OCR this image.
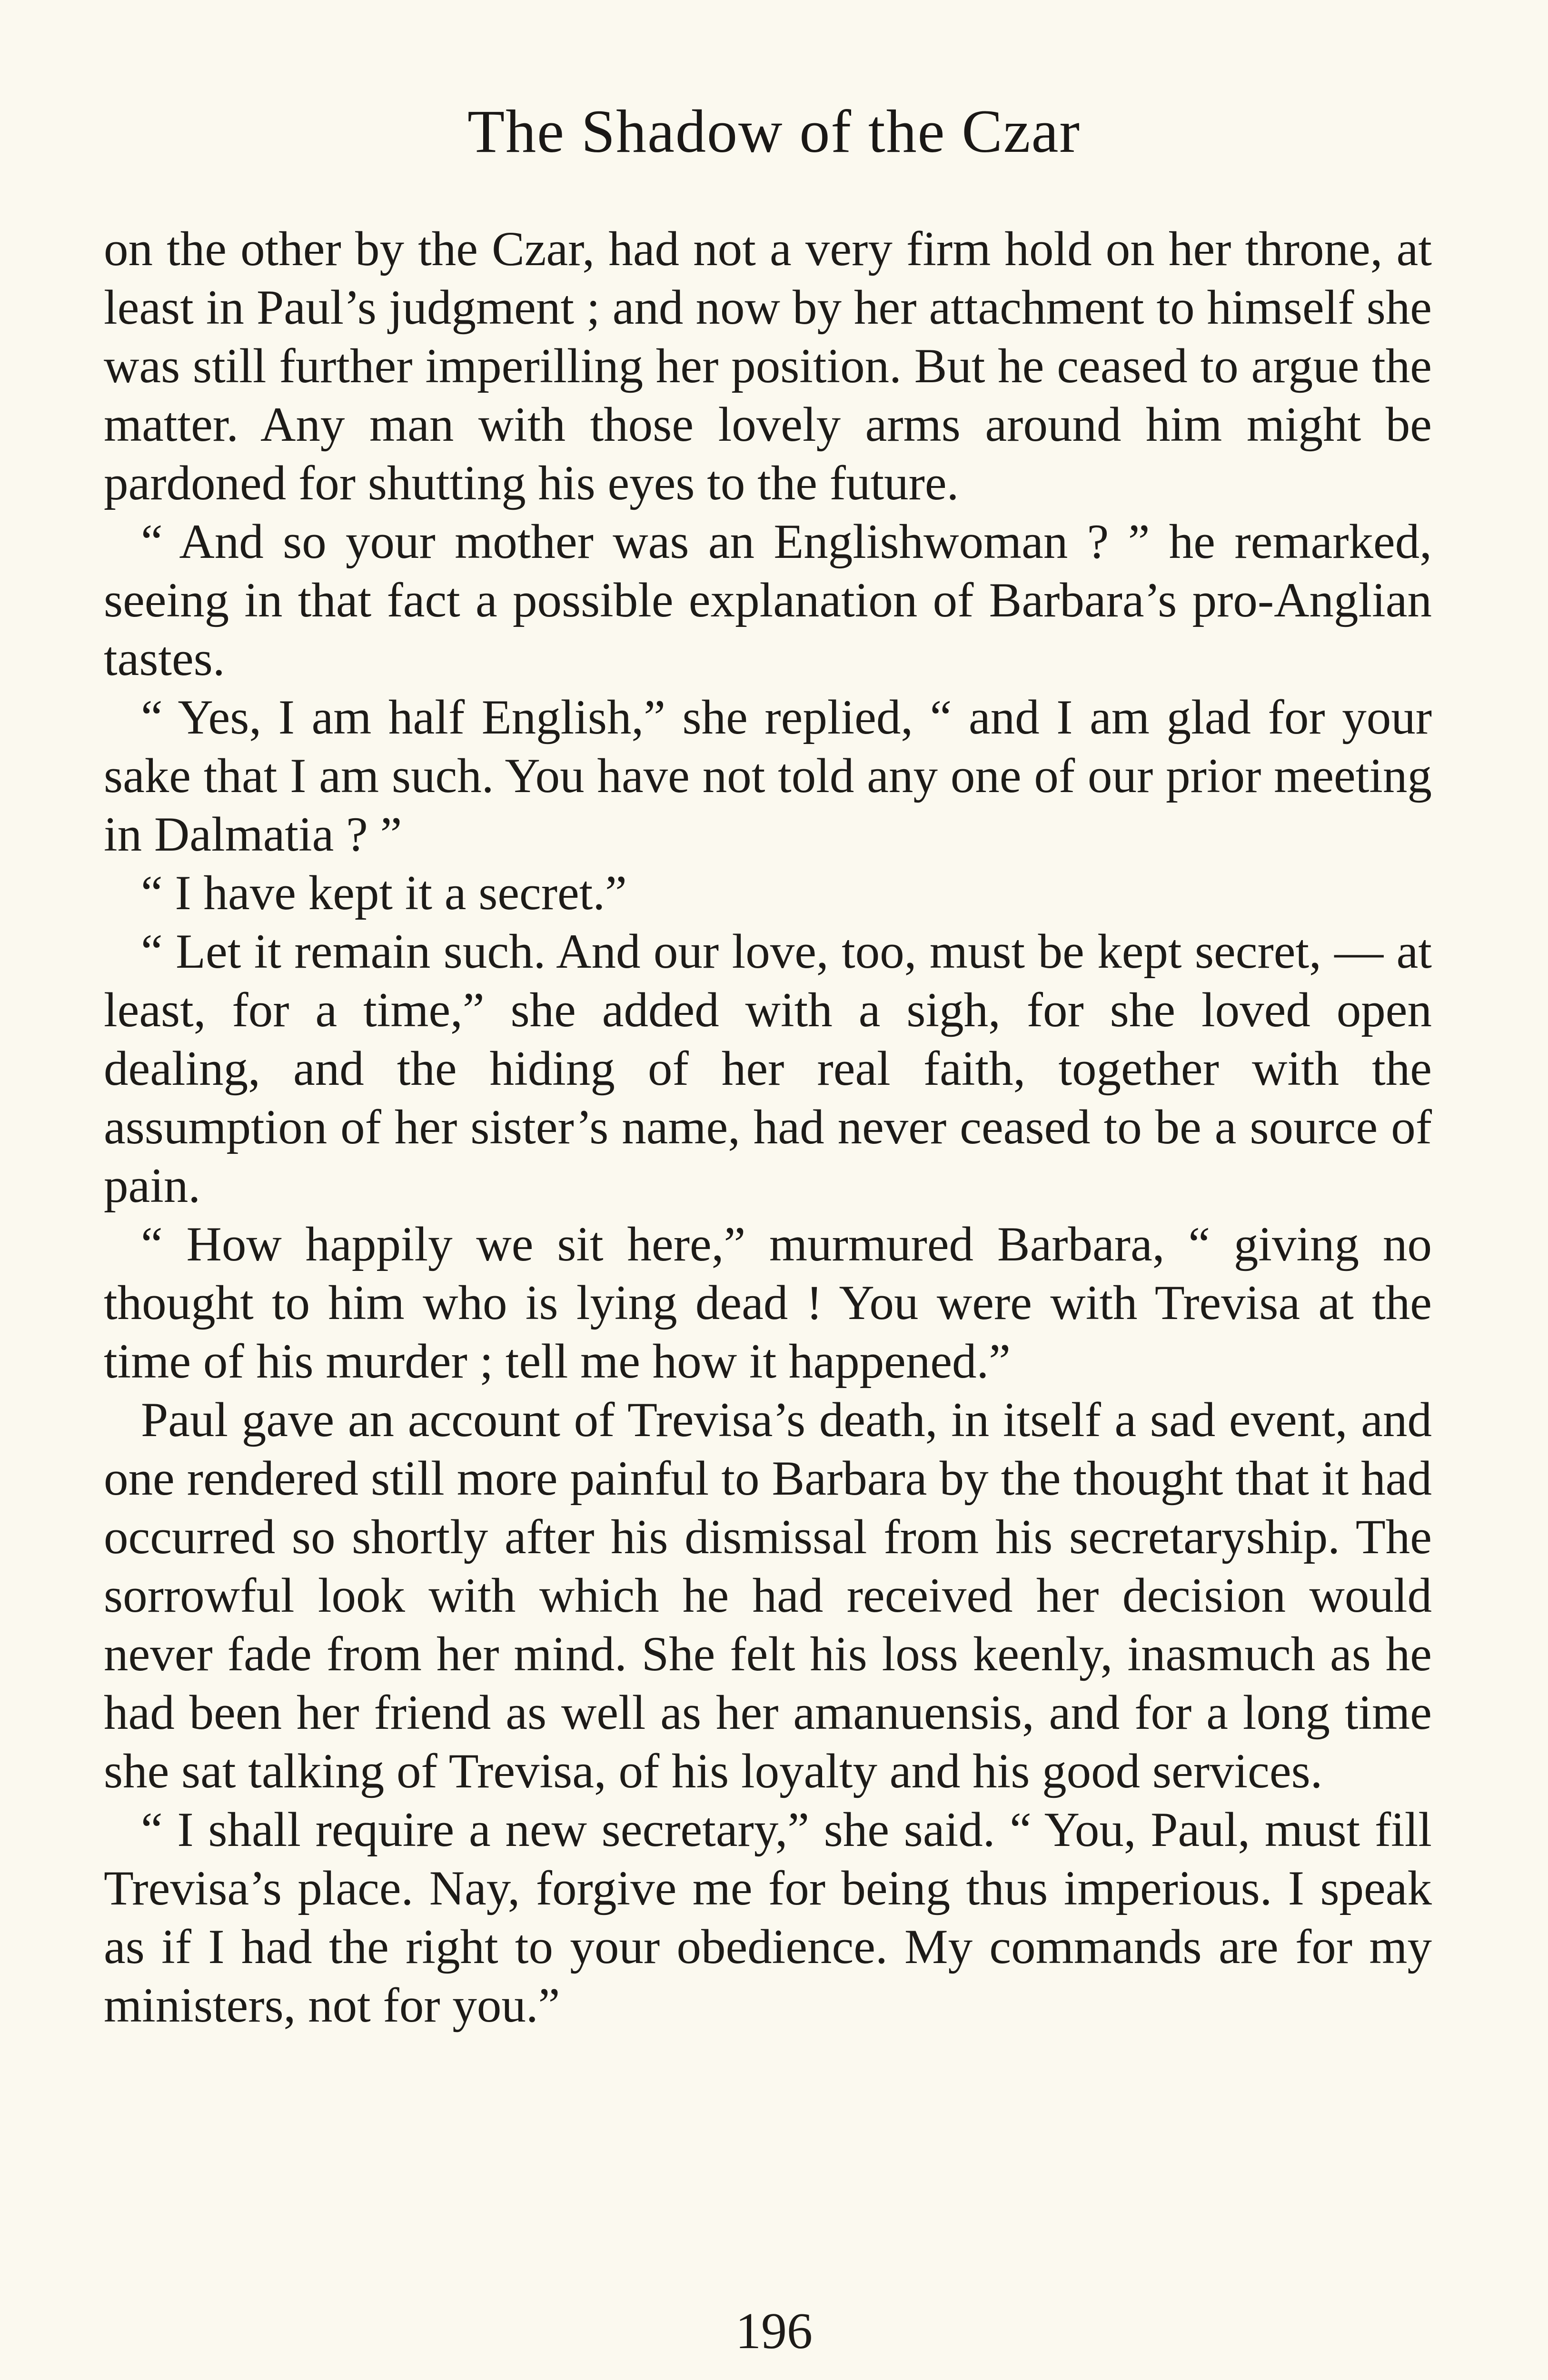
The Shadow of the Czar

on the other by the Czar, had not a very firm hold on her throne, at least in Paul’s judgment ; and now by her attachment to himself she was still further imperilling her position. But he ceased to argue the matter. Any man with those lovely arms around him might be pardoned for shutting his eyes to the future.

“ And so your mother was an Englishwoman ? ” he remarked, seeing in that fact a possible explanation of Barbara’s pro-Anglian tastes.

“ Yes, I am half English,” she replied, “ and I am glad for your sake that I am such. You have not told any one of our prior meeting in Dalmatia ? ”

“ I have kept it a secret.”

“ Let it remain such. And our love, too, must be kept secret, — at least, for a time,” she added with a sigh, for she loved open dealing, and the hiding of her real faith, together with the assumption of her sister’s name, had never ceased to be a source of pain.

“ How happily we sit here,” murmured Barbara, “ giving no thought to him who is lying dead ! You were with Trevisa at the time of his murder ; tell me how it happened.”

Paul gave an account of Trevisa’s death, in itself a sad event, and one rendered still more painful to Barbara by the thought that it had occurred so shortly after his dismissal from his secretaryship. The sorrowful look with which he had received her decision would never fade from her mind. She felt his loss keenly, inasmuch as he had been her friend as well as her amanuensis, and for a long time she sat talking of Trevisa, of his loyalty and his good services.

“ I shall require a new secretary,” she said. “ You, Paul, must fill Trevisa’s place. Nay, forgive me for being thus imperious. I speak as if I had the right to your obedience. My commands are for my ministers, not for you.”

196
